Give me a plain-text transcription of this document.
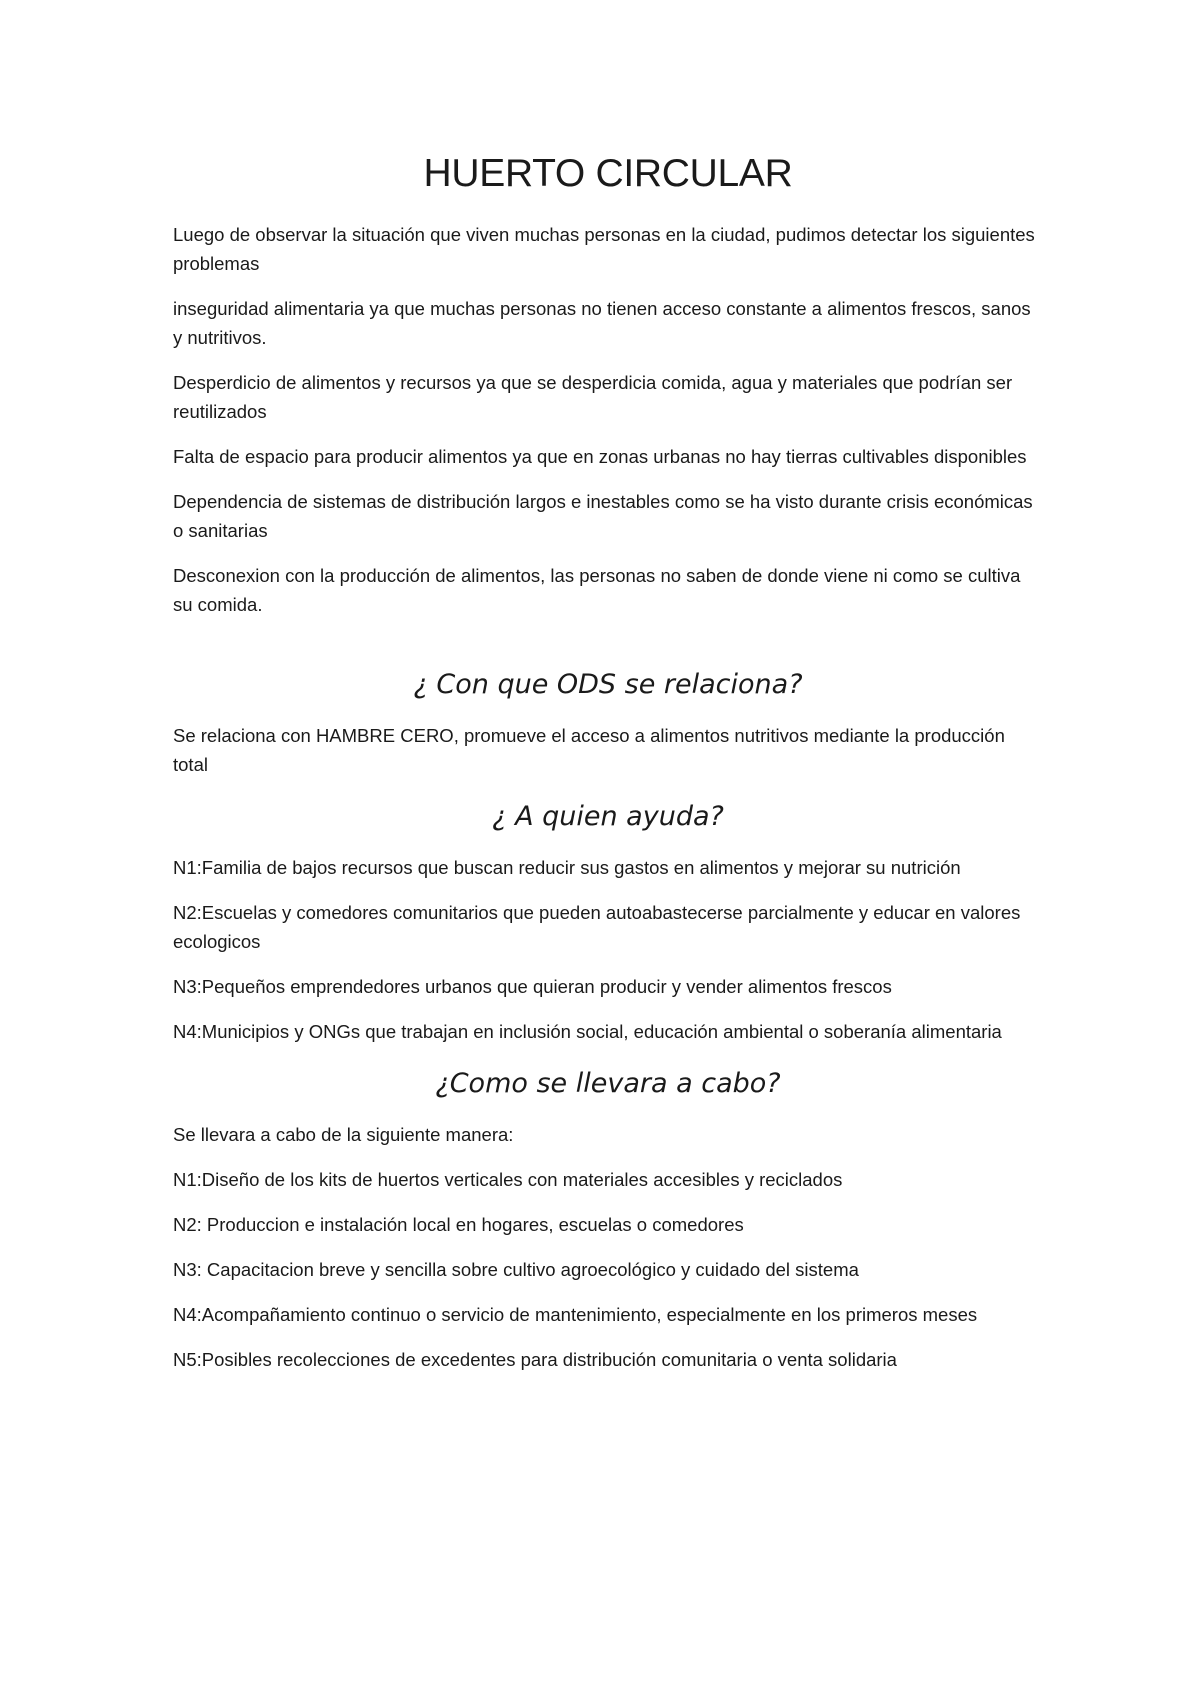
HUERTO CIRCULAR

Luego de observar la situación que viven muchas personas en la ciudad, pudimos detectar los siguientes problemas

inseguridad alimentaria ya que muchas personas no tienen acceso constante a alimentos frescos, sanos y nutritivos.

Desperdicio de alimentos y recursos ya que se desperdicia comida, agua y materiales que podrían ser reutilizados

Falta de espacio para producir alimentos ya que en zonas urbanas no hay tierras cultivables disponibles

Dependencia de sistemas de distribución largos e inestables como se ha visto durante crisis económicas o sanitarias

Desconexion con la producción de alimentos, las personas no saben de donde viene ni como se cultiva su comida.

¿ Con que ODS se relaciona?

Se relaciona con HAMBRE CERO, promueve el acceso a alimentos nutritivos mediante la producción total

¿ A quien ayuda?

N1:Familia de bajos recursos que buscan reducir sus gastos en alimentos y mejorar su nutrición

N2:Escuelas y comedores comunitarios que pueden autoabastecerse parcialmente y educar en valores ecologicos

N3:Pequeños emprendedores urbanos que quieran producir y vender alimentos frescos

N4:Municipios y ONGs que trabajan en inclusión social, educación ambiental o soberanía alimentaria

¿Como se llevara a cabo?

Se llevara a cabo de la siguiente manera:

N1:Diseño de los kits de huertos verticales con materiales accesibles y reciclados

N2: Produccion e instalación local en hogares, escuelas o comedores

N3: Capacitacion breve y sencilla sobre cultivo agroecológico y cuidado del sistema

N4:Acompañamiento continuo o servicio de mantenimiento, especialmente en los primeros meses

N5:Posibles recolecciones de excedentes para distribución comunitaria o venta solidaria
